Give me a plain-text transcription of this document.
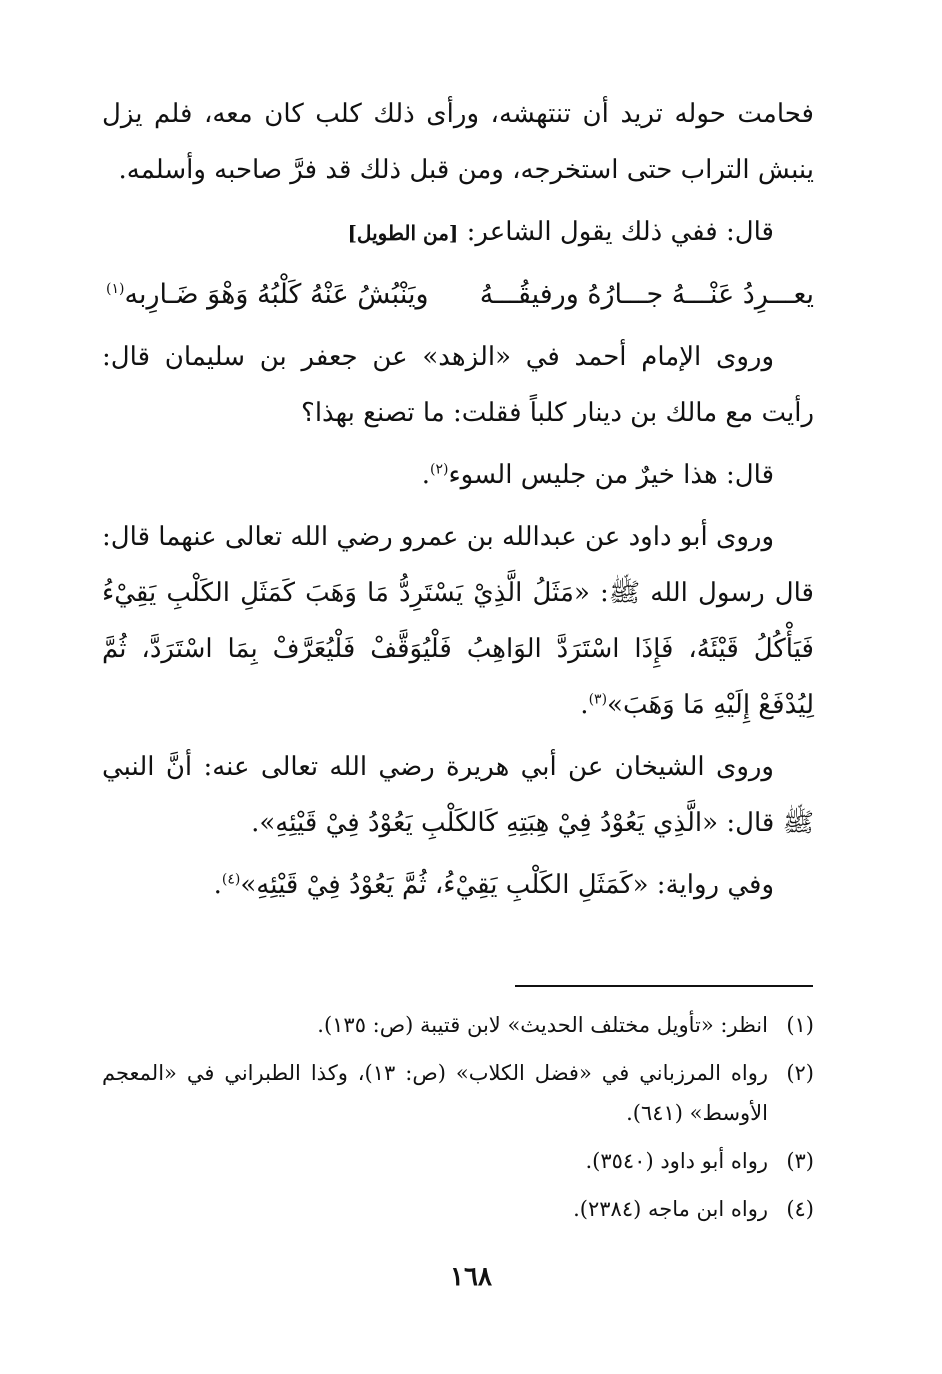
فحامت حوله تريد أن تنتهشه، ورأى ذلك كلب كان معه، فلم يزل ينبش التراب حتى استخرجه، ومن قبل ذلك قد فرَّ صاحبه وأسلمه.

قال: ففي ذلك يقول الشاعر: [من الطويل]

يعـــرِدُ عَنْـــهُ جـــارُهُ ورفيقُـــهُ
ويَنْبُشُ عَنْهُ كَلْبُهُ وَهْوَ ضَـارِبه$^{(١)}$

وروى الإمام أحمد في «الزهد» عن جعفر بن سليمان قال: رأيت مع مالك بن دينار كلباً فقلت: ما تصنع بهذا؟

قال: هذا خيرٌ من جليس السوء$^{(٢)}$.

وروى أبو داود عن عبدالله بن عمرو رضي الله تعالى عنهما قال: قال رسول الله ﷺ: «مَثَلُ الَّذِيْ يَسْتَرِدُّ مَا وَهَبَ كَمَثَلِ الكَلْبِ يَقِيْءُ فَيَأْكُلُ قَيْئَهُ، فَإِذَا اسْتَرَدَّ الوَاهِبُ فَلْيُوَقَّفْ فَلْيُعَرَّفْ بِمَا اسْتَرَدَّ، ثُمَّ لِيُدْفَعْ إِلَيْهِ مَا وَهَبَ»$^{(٣)}$.

وروى الشيخان عن أبي هريرة رضي الله تعالى عنه: أنَّ النبي ﷺ قال: «الَّذِي يَعُوْدُ فِيْ هِبَتِهِ كَالكَلْبِ يَعُوْدُ فِيْ قَيْئِهِ».

وفي رواية: «كَمَثَلِ الكَلْبِ يَقِيْءُ، ثُمَّ يَعُوْدُ فِيْ قَيْئِهِ»$^{(٤)}$.

(١)
انظر: «تأويل مختلف الحديث» لابن قتيبة (ص: ١٣٥).
(٢)
رواه المرزباني في «فضل الكلاب» (ص: ١٣)، وكذا الطبراني في «المعجم الأوسط» (٦٤١).
(٣)
رواه أبو داود (٣٥٤٠).
(٤)
رواه ابن ماجه (٢٣٨٤).
١٦٨
